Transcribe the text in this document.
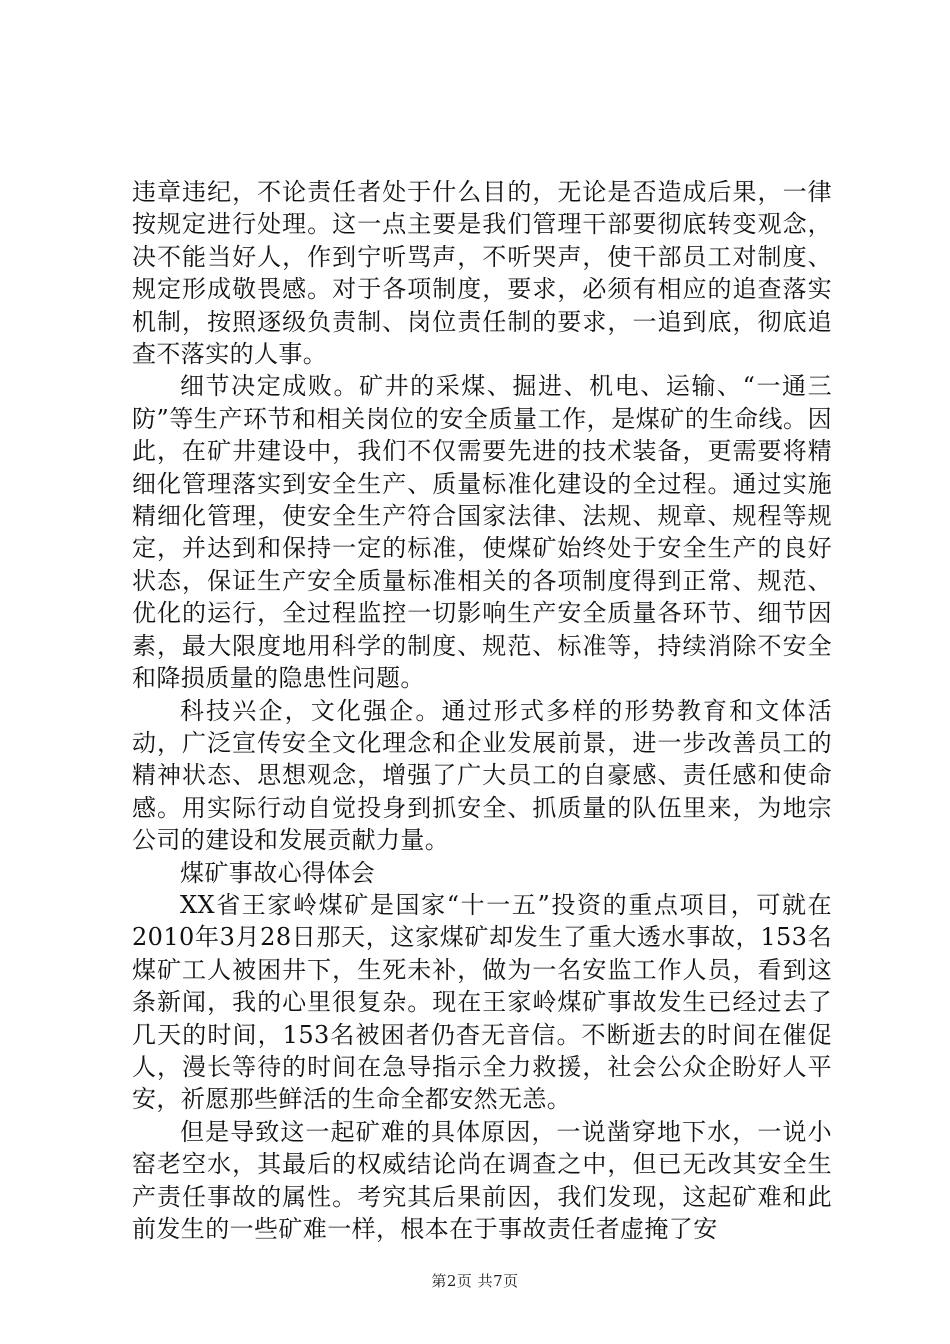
违章违纪，不论责任者处于什么目的，无论是否造成后果，一律按规定进行处理。这一点主要是我们管理干部要彻底转变观念，决不能当好人，作到宁听骂声，不听哭声，使干部员工对制度、规定形成敬畏感。对于各项制度，要求，必须有相应的追查落实机制，按照逐级负责制、岗位责任制的要求，一追到底，彻底追查不落实的人事。

细节决定成败。矿井的采煤、掘进、机电、运输、“一通三防”等生产环节和相关岗位的安全质量工作，是煤矿的生命线。因此，在矿井建设中，我们不仅需要先进的技术装备，更需要将精细化管理落实到安全生产、质量标准化建设的全过程。通过实施精细化管理，使安全生产符合国家法律、法规、规章、规程等规定，并达到和保持一定的标准，使煤矿始终处于安全生产的良好状态，保证生产安全质量标准相关的各项制度得到正常、规范、优化的运行，全过程监控一切影响生产安全质量各环节、细节因素，最大限度地用科学的制度、规范、标准等，持续消除不安全和降损质量的隐患性问题。

科技兴企，文化强企。通过形式多样的形势教育和文体活动，广泛宣传安全文化理念和企业发展前景，进一步改善员工的精神状态、思想观念，增强了广大员工的自豪感、责任感和使命感。用实际行动自觉投身到抓安全、抓质量的队伍里来，为地宗公司的建设和发展贡献力量。

煤矿事故心得体会

XX省王家岭煤矿是国家“十一五”投资的重点项目，可就在2010年3月28日那天，这家煤矿却发生了重大透水事故，153名煤矿工人被困井下，生死未补，做为一名安监工作人员，看到这条新闻，我的心里很复杂。现在王家岭煤矿事故发生已经过去了几天的时间，153名被困者仍杳无音信。不断逝去的时间在催促人，漫长等待的时间在急导指示全力救援，社会公众企盼好人平安，祈愿那些鲜活的生命全都安然无恙。

但是导致这一起矿难的具体原因，一说凿穿地下水，一说小窑老空水，其最后的权威结论尚在调查之中，但已无改其安全生产责任事故的属性。考究其后果前因，我们发现，这起矿难和此前发生的一些矿难一样，根本在于事故责任者虚掩了安

第2页 共7页
